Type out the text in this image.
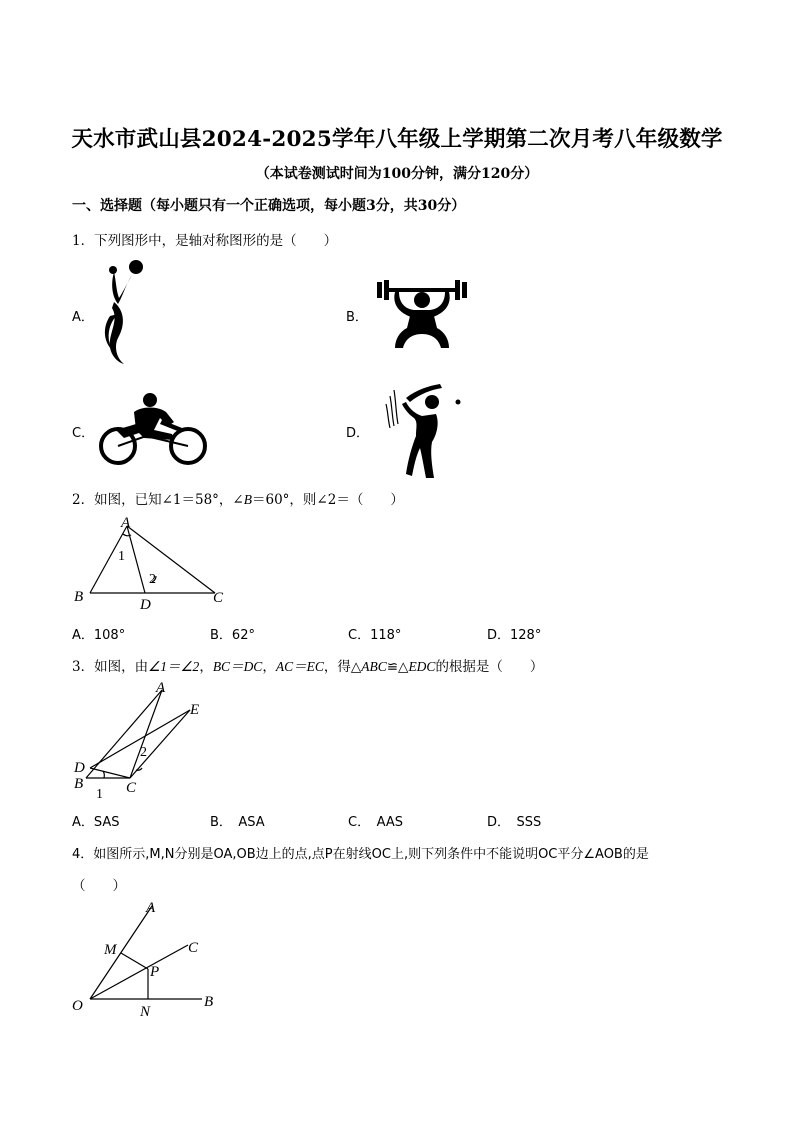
天水市武山县2024-2025学年八年级上学期第二次月考八年级数学
（本试卷测试时间为100分钟，满分120分）
一、选择题（每小题只有一个正确选项，每小题3分，共30分）
1．下列图形中，是轴对称图形的是（　　）
A．	B．
C．	D．
2．如图，已知∠1＝58°，∠B＝60°，则∠2＝（　　）
A
B	C
D
1
2
A．108°	B．62°	C．118°	D．128°
3．如图，由∠1＝∠2，BC＝DC，AC＝EC，得△ABC≌△EDC的根据是（　　）
A
E
D
B	C
1
2
A．SAS	B．　ASA	C．　AAS	D．　SSS
4．如图所示,M,N分别是OA,OB边上的点,点P在射线OC上,则下列条件中不能说明OC平分∠AOB的是
（　　）
A
M	C
P
O	N
B
